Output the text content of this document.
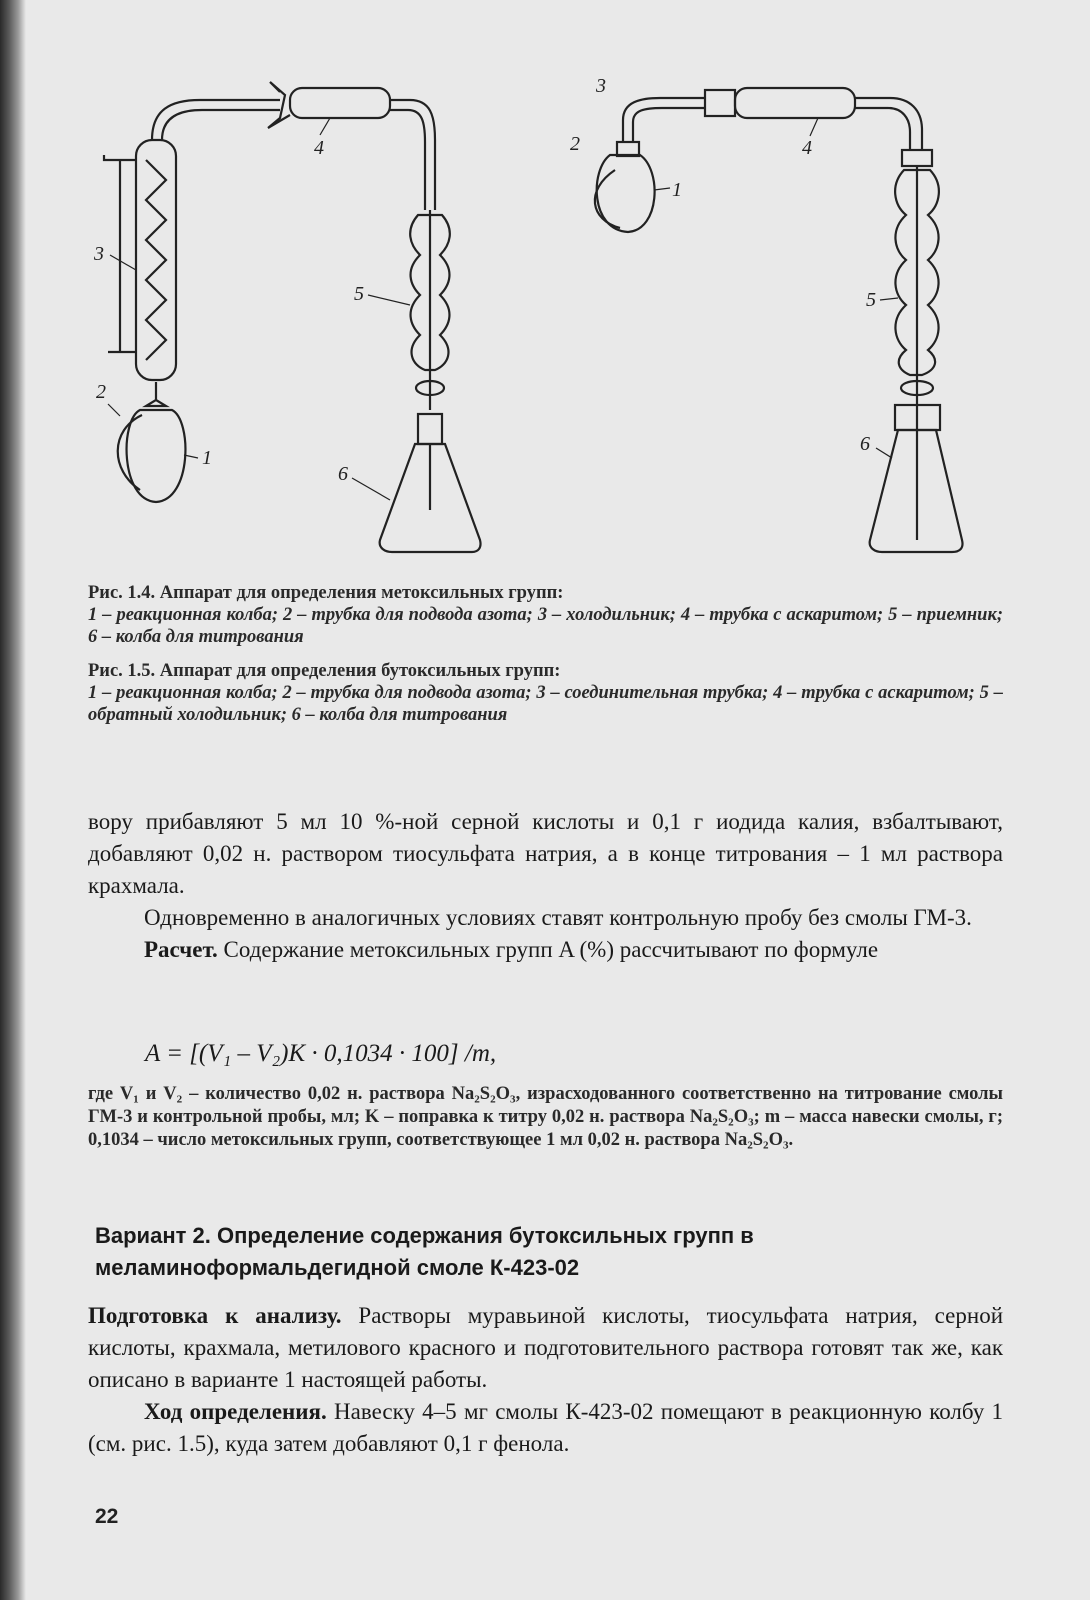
3
4
5
2
1
6
3
2
1
4
5
6
Рис. 1.4. Аппарат для определения метоксильных групп:
1 – реакционная колба; 2 – трубка для подвода азота; 3 – холодильник; 4 – трубка с аскаритом; 5 – приемник; 6 – колба для титрования
Рис. 1.5. Аппарат для определения бутоксильных групп:
1 – реакционная колба; 2 – трубка для подвода азота; 3 – соединительная трубка; 4 – трубка с аскаритом; 5 – обратный холодильник; 6 – колба для титрования

вору прибавляют 5 мл 10 %-ной серной кислоты и 0,1 г иодида калия, взбалтывают, добавляют 0,02 н. раствором тиосульфата натрия, а в конце титрования – 1 мл раствора крахмала.

Одновременно в аналогичных условиях ставят контрольную пробу без смолы ГМ-3.

Расчет. Содержание метоксильных групп A (%) рассчитывают по формуле

A = [(V₁ – V₂)K · 0,1034 · 100] /m,
где V₁ и V₂ – количество 0,02 н. раствора Na₂S₂O₃, израсходованного соответственно на титрование смолы ГМ-3 и контрольной пробы, мл; K – поправка к титру 0,02 н. раствора Na₂S₂O₃; m – масса навески смолы, г; 0,1034 – число метоксильных групп, соответствующее 1 мл 0,02 н. раствора Na₂S₂O₃.
Вариант 2. Определение содержания бутоксильных групп в меламиноформальдегидной смоле К-423-02

Подготовка к анализу. Растворы муравьиной кислоты, тиосульфата натрия, серной кислоты, крахмала, метилового красного и подготовительного раствора готовят так же, как описано в варианте 1 настоящей работы.

Ход определения. Навеску 4–5 мг смолы К-423-02 помещают в реакционную колбу 1 (см. рис. 1.5), куда затем добавляют 0,1 г фенола.

22
